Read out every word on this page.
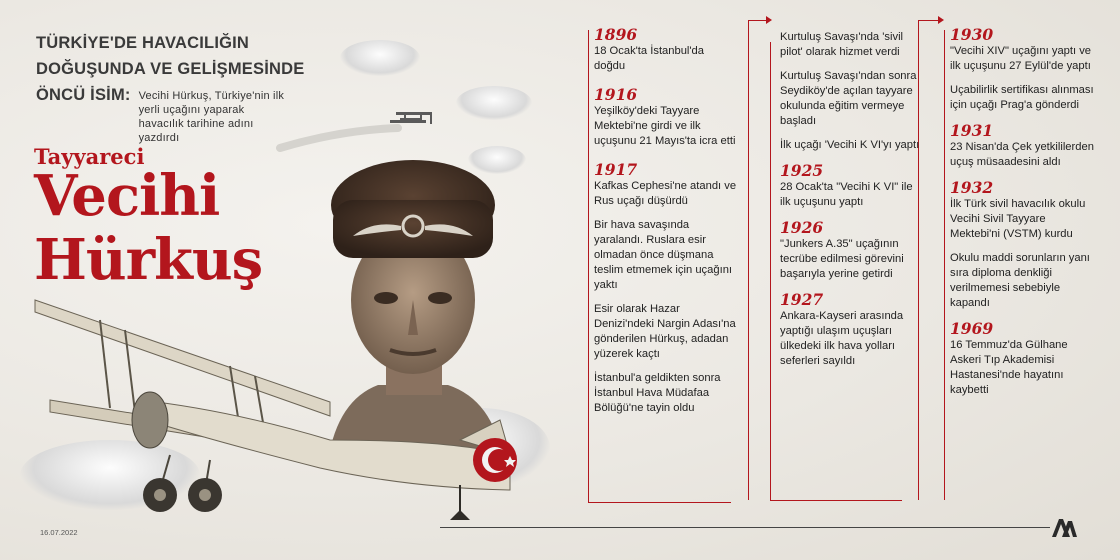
TÜRKİYE'DE HAVACILIĞIN
DOĞUŞUNDA VE GELİŞMESİNDE
ÖNCÜ İSİM: Vecihi Hürkuş, Türkiye'nin ilk yerli uçağını yaparak havacılık tarihine adını yazdırdı
Tayyareci
Vecihi
Hürkuş
1896
18 Ocak'ta İstanbul'da doğdu
1916
Yeşilköy'deki Tayyare Mektebi'ne girdi ve ilk uçuşunu 21 Mayıs'ta icra etti
1917
Kafkas Cephesi'ne atandı ve Rus uçağı düşürdü
Bir hava savaşında yaralandı. Ruslara esir olmadan önce düşmana teslim etmemek için uçağını yaktı
Esir olarak Hazar Denizi'ndeki Nargin Adası'na gönderilen Hürkuş, adadan yüzerek kaçtı
İstanbul'a geldikten sonra İstanbul Hava Müdafaa Bölüğü'ne tayin oldu
Kurtuluş Savaşı'nda 'sivil pilot' olarak hizmet verdi
Kurtuluş Savaşı'ndan sonra Seydiköy'de açılan tayyare okulunda eğitim vermeye başladı
İlk uçağı 'Vecihi K VI'yı yaptı
1925
28 Ocak'ta "Vecihi K VI" ile ilk uçuşunu yaptı
1926
"Junkers A.35" uçağının tecrübe edilmesi görevini başarıyla yerine getirdi
1927
Ankara-Kayseri arasında yaptığı ulaşım uçuşları ülkedeki ilk hava yolları seferleri sayıldı
1930
"Vecihi XIV" uçağını yaptı ve ilk uçuşunu 27 Eylül'de yaptı
Uçabilirlik sertifikası alınması için uçağı Prag'a gönderdi
1931
23 Nisan'da Çek yetkililerden uçuş müsaadesini aldı
1932
İlk Türk sivil havacılık okulu Vecihi Sivil Tayyare Mektebi'ni (VSTM) kurdu
Okulu maddi sorunların yanı sıra diploma denkliği verilmemesi sebebiyle kapandı
1969
16 Temmuz'da Gülhane Askeri Tıp Akademisi Hastanesi'nde hayatını kaybetti
16.07.2022
